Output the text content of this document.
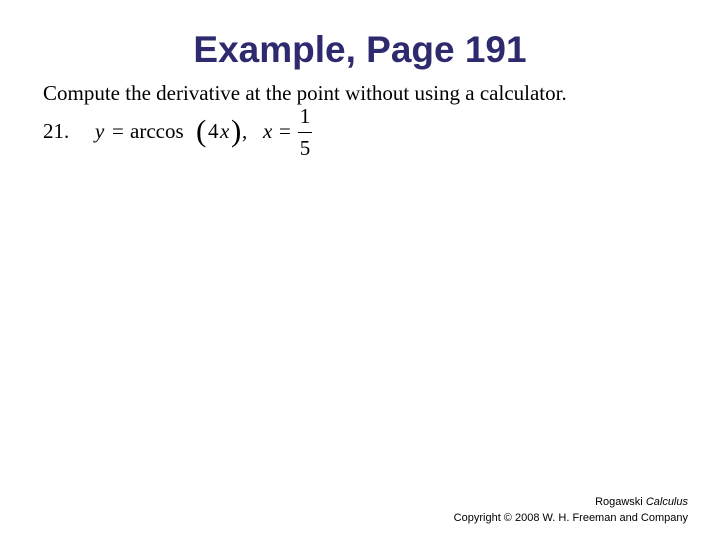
Example, Page 191
Compute the derivative at the point without using a calculator.
21. y = arccos ( 4 x ) , x =
1
5
Rogawski Calculus
Copyright © 2008 W. H. Freeman and Company
